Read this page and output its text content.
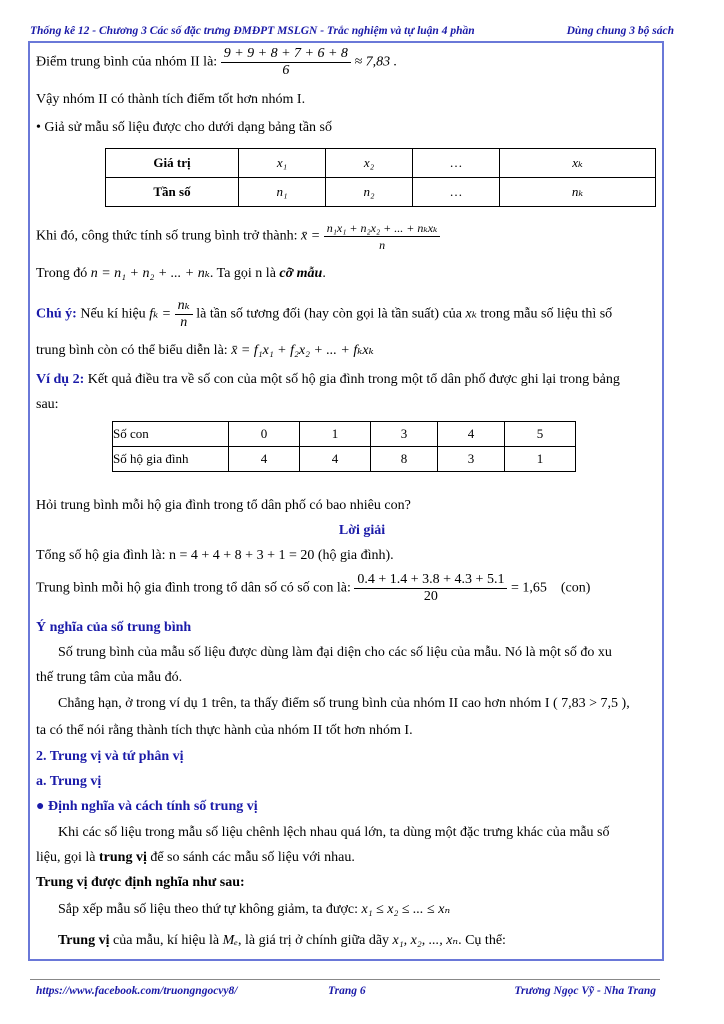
Thống kê 12 - Chương 3 Các số đặc trưng ĐMĐPT MSLGN - Trắc nghiệm và tự luận 4 phần	Dùng chung 3 bộ sách
Điểm trung bình của nhóm II là: $\frac{9 + 9 + 8 + 7 + 6 + 8}{6} \approx 7,83$ .
Vậy nhóm II có thành tích điểm tốt hơn nhóm I.
• Giả sử mẫu số liệu được cho dưới dạng bảng tần số
Giá trị	x₁	x₂	…	xₖ
Tần số	n₁	n₂	…	nₖ
Khi đó, công thức tính số trung bình trở thành: x̄ = $\frac{\text{n₁x₁ + n₂x₂ + ... + nₖxₖ}}{n}$
Trong đó n = n₁ + n₂ + ... + nₖ. Ta gọi n là cỡ mẫu.
Chú ý: Nếu kí hiệu $f_k = \frac{\text{nₖ}}{n}$ là tần số tương đối (hay còn gọi là tần suất) của xₖ trong mẫu số liệu thì số
trung bình còn có thể biểu diễn là: x̄ = f₁x₁ + f₂x₂ + ... + fₖxₖ
Ví dụ 2: Kết quả điều tra về số con của một số hộ gia đình trong một tổ dân phố được ghi lại trong bảng
sau:
Số con	0	1	3	4	5
Số hộ gia đình	4	4	8	3	1
Hỏi trung bình mỗi hộ gia đình trong tổ dân phố có bao nhiêu con?
Lời giải
Tổng số hộ gia đình là: n = 4 + 4 + 8 + 3 + 1 = 20 (hộ gia đình).
Trung bình mỗi hộ gia đình trong tổ dân số có số con là: $\frac{0.4 + 1.4 + 3.8 + 4.3 + 5.1}{20} = 1,65$    (con)
Ý nghĩa của số trung bình
Số trung bình của mẫu số liệu được dùng làm đại diện cho các số liệu của mẫu. Nó là một số đo xu
thế trung tâm của mẫu đó.
Chẳng hạn, ở trong ví dụ 1 trên, ta thấy điểm số trung bình của nhóm II cao hơn nhóm I ( 7,83 > 7,5 ),
ta có thể nói rằng thành tích thực hành của nhóm II tốt hơn nhóm I.
2. Trung vị và tứ phân vị
a. Trung vị
● Định nghĩa và cách tính số trung vị
Khi các số liệu trong mẫu số liệu chênh lệch nhau quá lớn, ta dùng một đặc trưng khác của mẫu số
liệu, gọi là trung vị để so sánh các mẫu số liệu với nhau.
Trung vị được định nghĩa như sau:
Sắp xếp mẫu số liệu theo thứ tự không giảm, ta được: x₁ ≤ x₂ ≤ ... ≤ xₙ
Trung vị của mẫu, kí hiệu là Mₑ, là giá trị ở chính giữa dãy x₁, x₂, ..., xₙ. Cụ thể:
https://www.facebook.com/truongngocvy8/	Trang 6	Trương Ngọc Vỹ - Nha Trang
